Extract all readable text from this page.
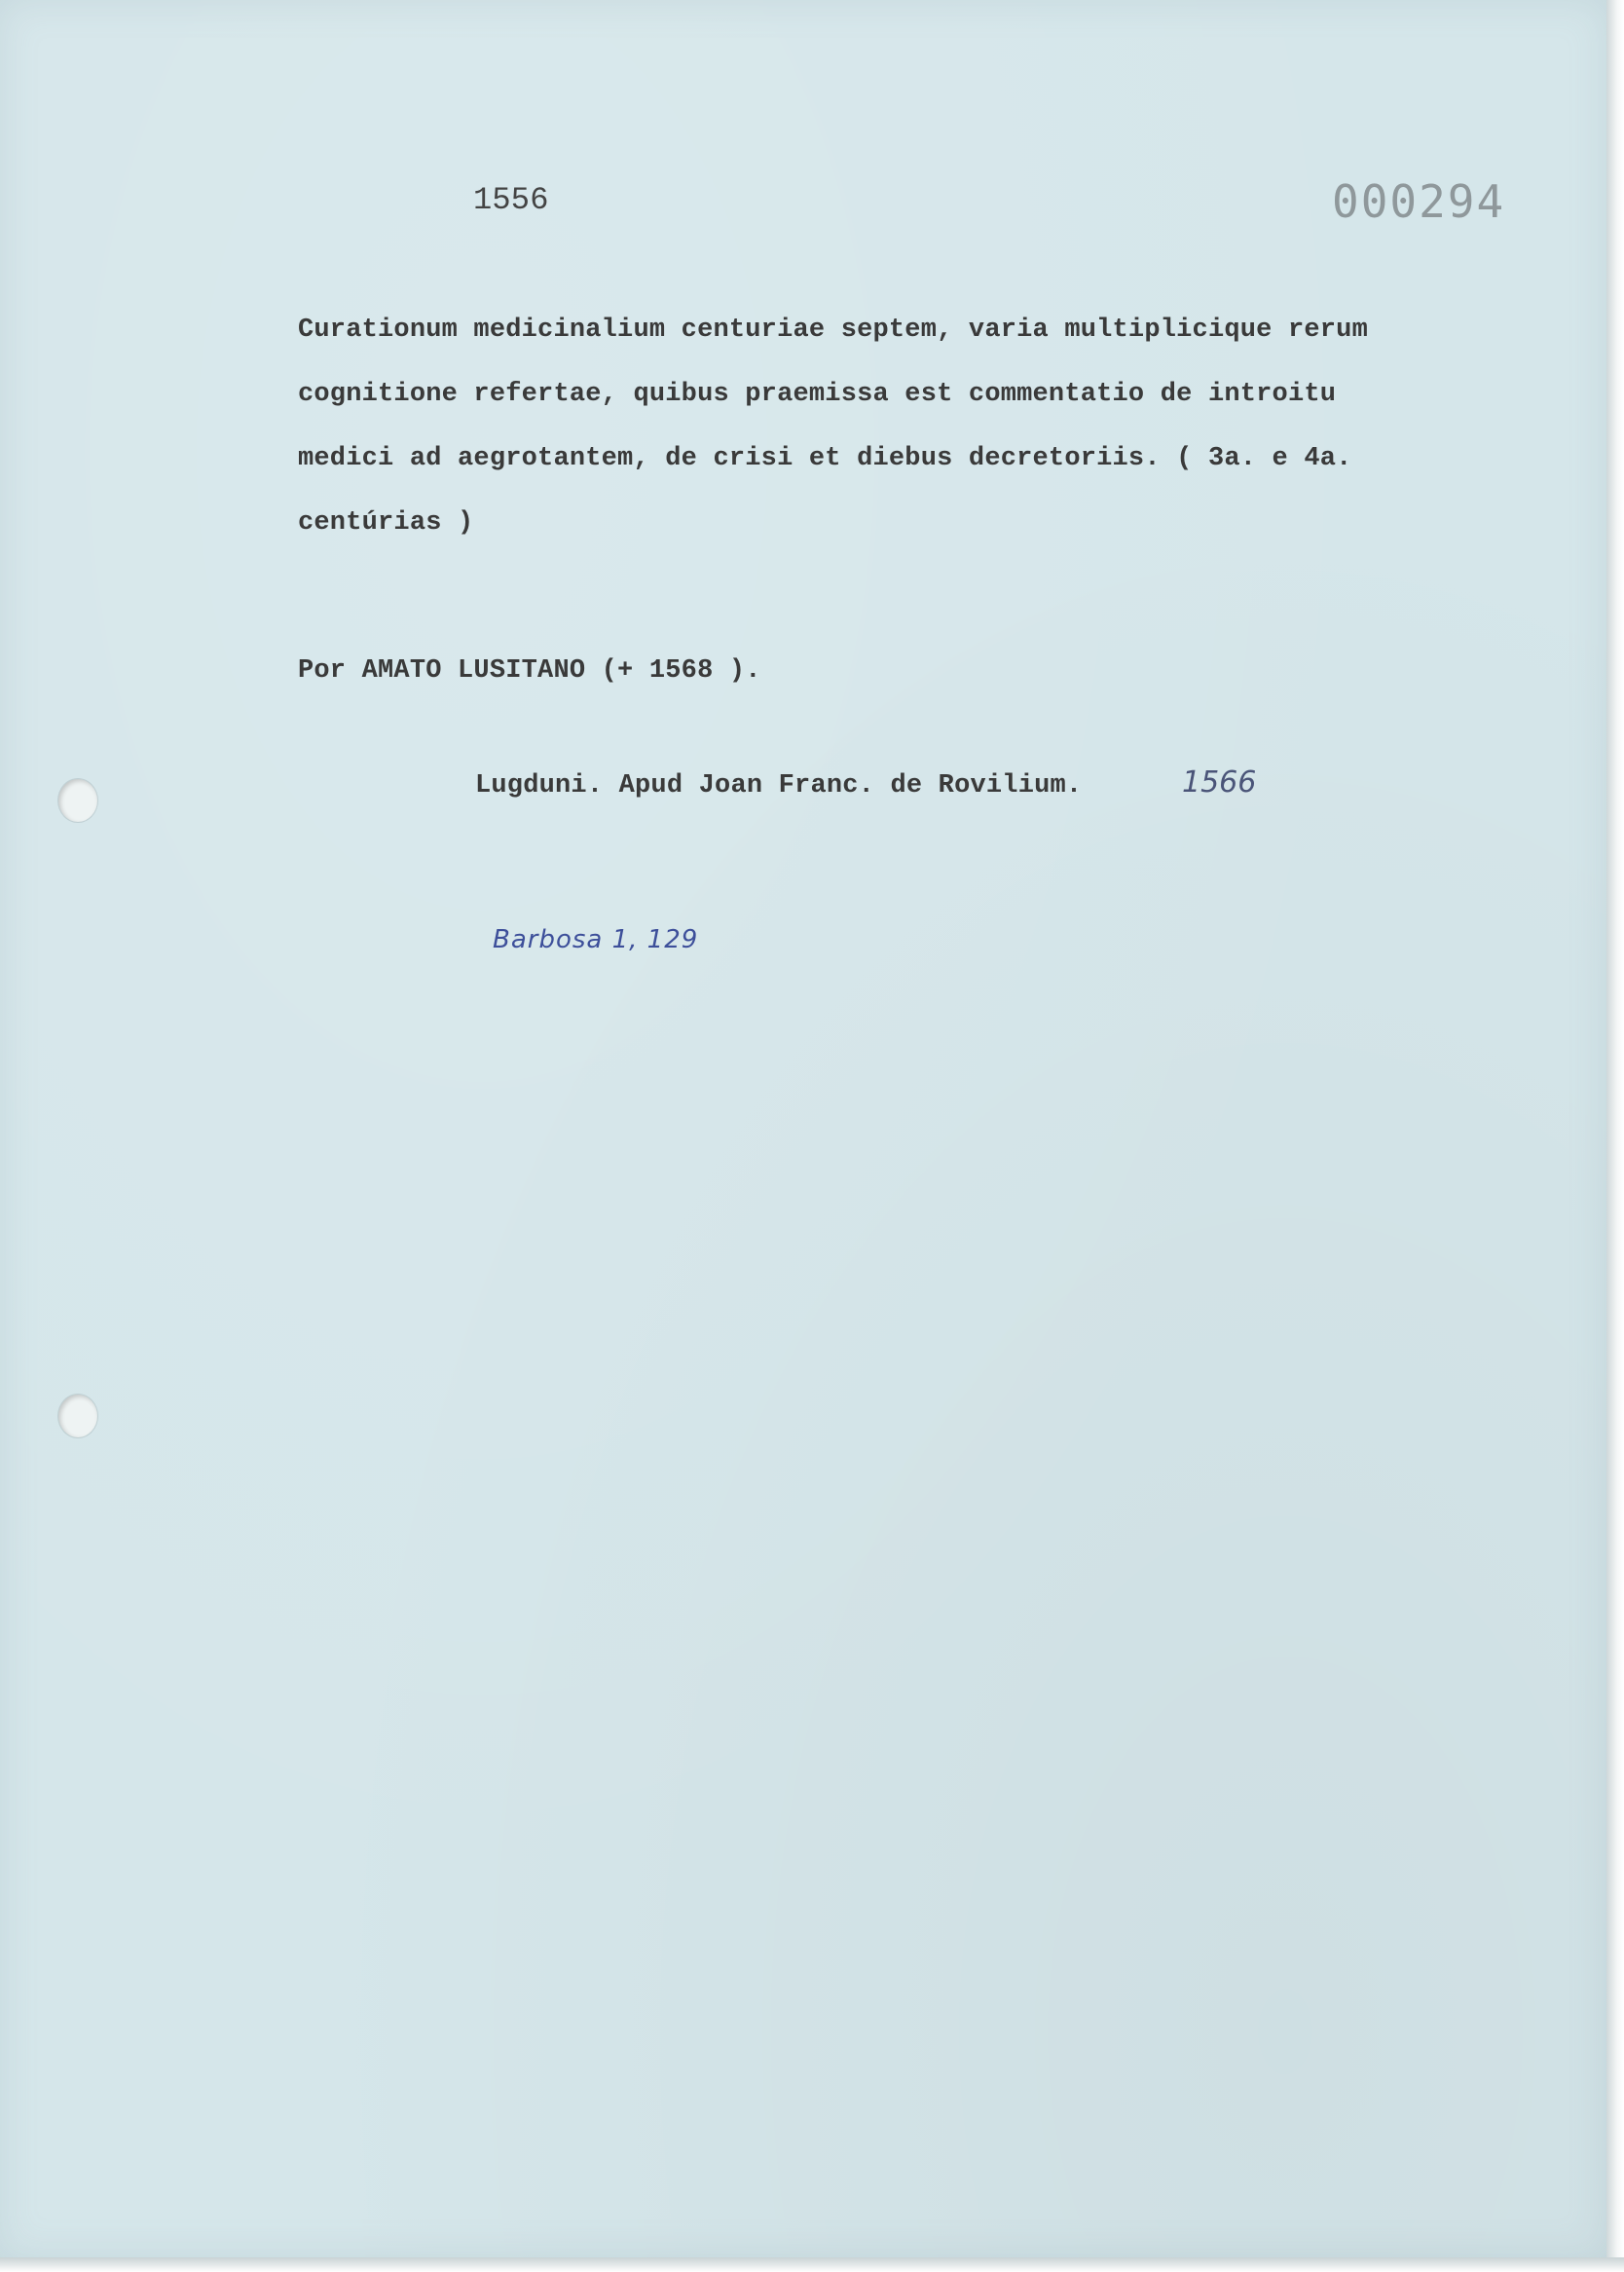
1556	000294
Curationum medicinalium centuriae septem, varia multiplicique rerum
cognitione refertae, quibus praemissa est commentatio de introitu
medici ad aegrotantem, de crisi et diebus decretoriis. ( 3a. e 4a.
centúrias )
Por AMATO LUSITANO (+ 1568 ).
Lugduni. Apud Joan Franc. de Rovilium.	1566
Barbosa 1, 129
